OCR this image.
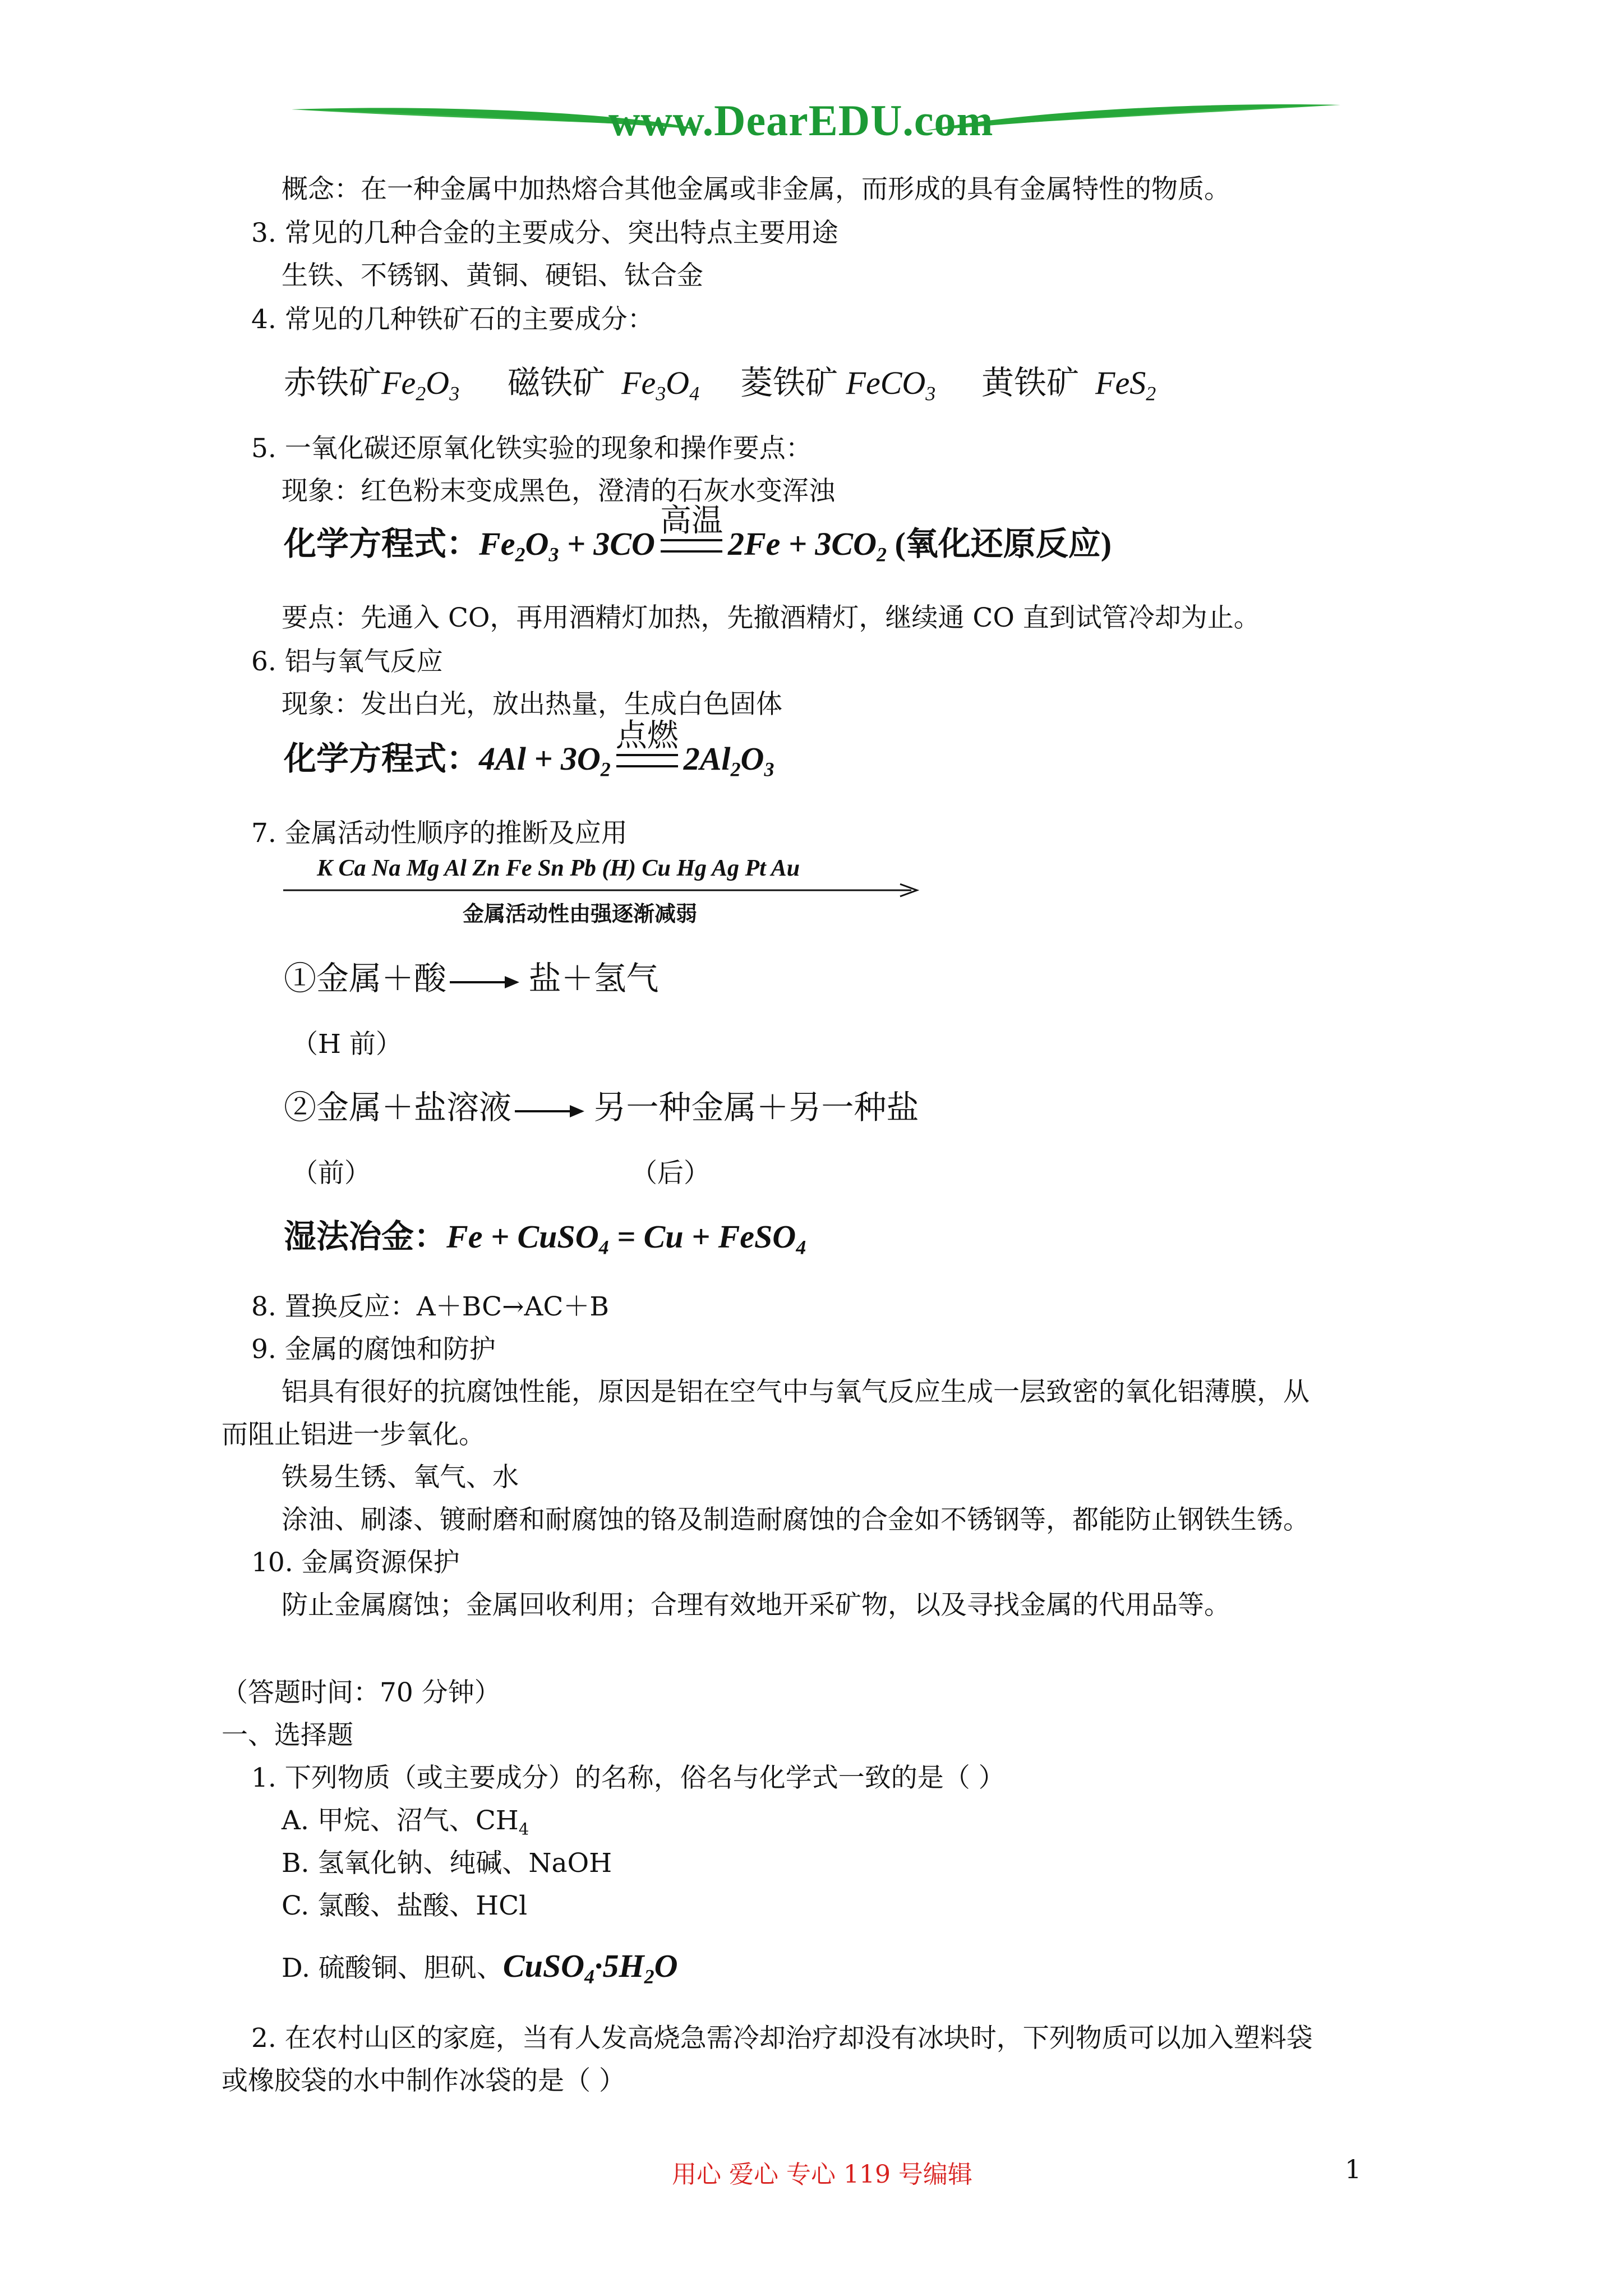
www.DearEDU.com
概念：在一种金属中加热熔合其他金属或非金属，而形成的具有金属特性的物质。
3. 常见的几种合金的主要成分、突出特点主要用途
生铁、不锈钢、黄铜、硬铝、钛合金
4. 常见的几种铁矿石的主要成分：
赤铁矿$Fe_2O_3$ 磁铁矿 $Fe_3O_4$ 菱铁矿 FeCO$_3$ 黄铁矿 FeS$_2$
5. 一氧化碳还原氧化铁实验的现象和操作要点：
现象：红色粉末变成黑色，澄清的石灰水变浑浊
化学方程式：$Fe_2O_3 + 3CO$
高温
$2Fe + 3CO_2$ (氧化还原反应)
要点：先通入 CO，再用酒精灯加热，先撤酒精灯，继续通 CO 直到试管冷却为止。
6. 铝与氧气反应
现象：发出白光，放出热量，生成白色固体
化学方程式：$4Al + 3O_2$
点燃
$2Al_2O_3$
7. 金属活动性顺序的推断及应用
K Ca Na Mg Al Zn Fe Sn Pb (H) Cu Hg Ag Pt Au
金属活动性由强逐渐减弱
①金属＋酸	盐＋氢气
（H 前）
②金属＋盐溶液	另一种金属＋另一种盐
（前）	（后）
湿法冶金：Fe + CuSO$_4$ = Cu + FeSO$_4$
8. 置换反应：A＋BC→AC＋B
9. 金属的腐蚀和防护
铝具有很好的抗腐蚀性能，原因是铝在空气中与氧气反应生成一层致密的氧化铝薄膜，从
而阻止铝进一步氧化。
铁易生锈、氧气、水
涂油、刷漆、镀耐磨和耐腐蚀的铬及制造耐腐蚀的合金如不锈钢等，都能防止钢铁生锈。
10. 金属资源保护
防止金属腐蚀；金属回收利用；合理有效地开采矿物，以及寻找金属的代用品等。
（答题时间：70 分钟）
一、选择题
1. 下列物质（或主要成分）的名称，俗名与化学式一致的是（ ）
A. 甲烷、沼气、$CH_4$
B. 氢氧化钠、纯碱、NaOH
C. 氯酸、盐酸、HCl
D. 硫酸铜、胆矾、$CuSO_4\cdot 5H_2O$
2. 在农村山区的家庭，当有人发高烧急需冷却治疗却没有冰块时，下列物质可以加入塑料袋
或橡胶袋的水中制作冰袋的是（ ）
用心 爱心 专心 119 号编辑	1
